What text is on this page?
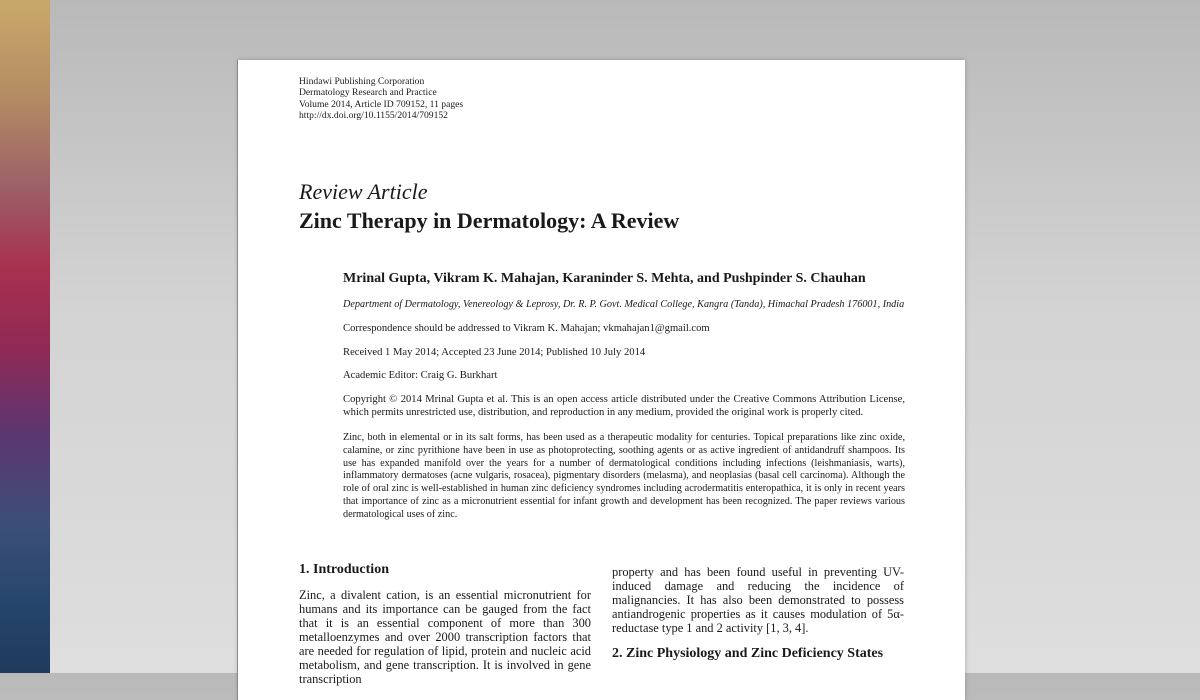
Hindawi Publishing Corporation
Dermatology Research and Practice
Volume 2014, Article ID 709152, 11 pages
http://dx.doi.org/10.1155/2014/709152
Review Article
Zinc Therapy in Dermatology: A Review
Mrinal Gupta, Vikram K. Mahajan, Karaninder S. Mehta, and Pushpinder S. Chauhan
Department of Dermatology, Venereology & Leprosy, Dr. R. P. Govt. Medical College, Kangra (Tanda), Himachal Pradesh 176001, India
Correspondence should be addressed to Vikram K. Mahajan; vkmahajan1@gmail.com
Received 1 May 2014; Accepted 23 June 2014; Published 10 July 2014
Academic Editor: Craig G. Burkhart
Copyright © 2014 Mrinal Gupta et al. This is an open access article distributed under the Creative Commons Attribution License, which permits unrestricted use, distribution, and reproduction in any medium, provided the original work is properly cited.
Zinc, both in elemental or in its salt forms, has been used as a therapeutic modality for centuries. Topical preparations like zinc oxide, calamine, or zinc pyrithione have been in use as photoprotecting, soothing agents or as active ingredient of antidandruff shampoos. Its use has expanded manifold over the years for a number of dermatological conditions including infections (leishmaniasis, warts), inflammatory dermatoses (acne vulgaris, rosacea), pigmentary disorders (melasma), and neoplasias (basal cell carcinoma). Although the role of oral zinc is well-established in human zinc deficiency syndromes including acrodermatitis enteropathica, it is only in recent years that importance of zinc as a micronutrient essential for infant growth and development has been recognized. The paper reviews various dermatological uses of zinc.
1. Introduction
Zinc, a divalent cation, is an essential micronutrient for humans and its importance can be gauged from the fact that it is an essential component of more than 300 metalloenzymes and over 2000 transcription factors that are needed for regulation of lipid, protein and nucleic acid metabolism, and gene transcription. It is involved in gene transcription
property and has been found useful in preventing UV-induced damage and reducing the incidence of malignancies. It has also been demonstrated to possess antiandrogenic properties as it causes modulation of 5α-reductase type 1 and 2 activity [1, 3, 4].
2. Zinc Physiology and Zinc Deficiency States
